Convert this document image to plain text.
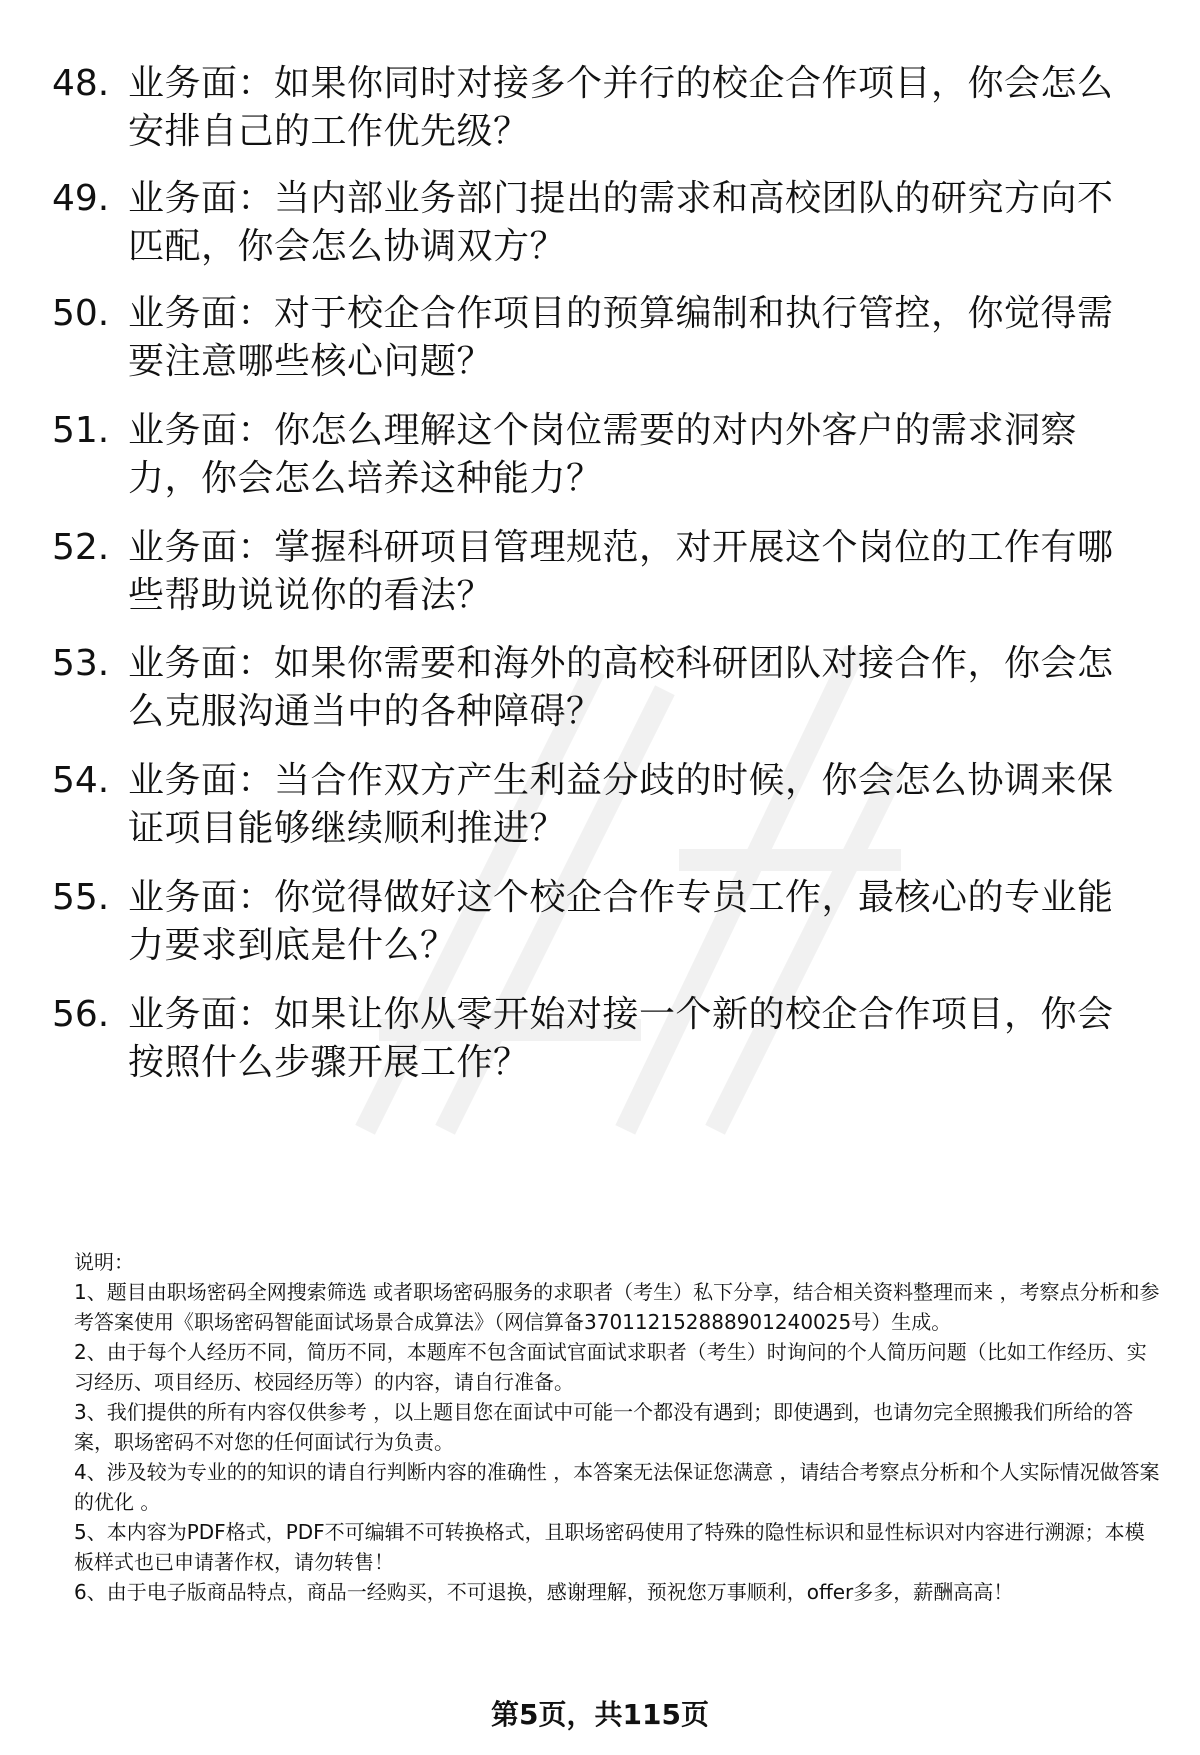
48. 业务面：如果你同时对接多个并行的校企合作项目，你会怎么安排自己的工作优先级？
49. 业务面：当内部业务部门提出的需求和高校团队的研究方向不匹配，你会怎么协调双方？
50. 业务面：对于校企合作项目的预算编制和执行管控，你觉得需要注意哪些核心问题？
51. 业务面：你怎么理解这个岗位需要的对内外客户的需求洞察力，你会怎么培养这种能力？
52. 业务面：掌握科研项目管理规范，对开展这个岗位的工作有哪些帮助说说你的看法？
53. 业务面：如果你需要和海外的高校科研团队对接合作，你会怎么克服沟通当中的各种障碍？
54. 业务面：当合作双方产生利益分歧的时候，你会怎么协调来保证项目能够继续顺利推进？
55. 业务面：你觉得做好这个校企合作专员工作，最核心的专业能力要求到底是什么？
56. 业务面：如果让你从零开始对接一个新的校企合作项目，你会按照什么步骤开展工作？

说明：

1、题目由职场密码全网搜索筛选 或者职场密码服务的求职者（考生）私下分享，结合相关资料整理而来 ，考察点分析和参考答案使用《职场密码智能面试场景合成算法》（网信算备370112152888901240025号）生成。

2、由于每个人经历不同，简历不同，本题库不包含面试官面试求职者（考生）时询问的个人简历问题（比如工作经历、实习经历、项目经历、校园经历等）的内容，请自行准备。

3、我们提供的所有内容仅供参考 ，以上题目您在面试中可能一个都没有遇到；即使遇到，也请勿完全照搬我们所给的答案，职场密码不对您的任何面试行为负责。

4、涉及较为专业的的知识的请自行判断内容的准确性 ，本答案无法保证您满意 ，请结合考察点分析和个人实际情况做答案的优化 。

5、本内容为PDF格式，PDF不可编辑不可转换格式，且职场密码使用了特殊的隐性标识和显性标识对内容进行溯源；本模板样式也已申请著作权，请勿转售！

6、由于电子版商品特点，商品一经购买，不可退换，感谢理解，预祝您万事顺利，offer多多，薪酬高高！

第5页，共115页
